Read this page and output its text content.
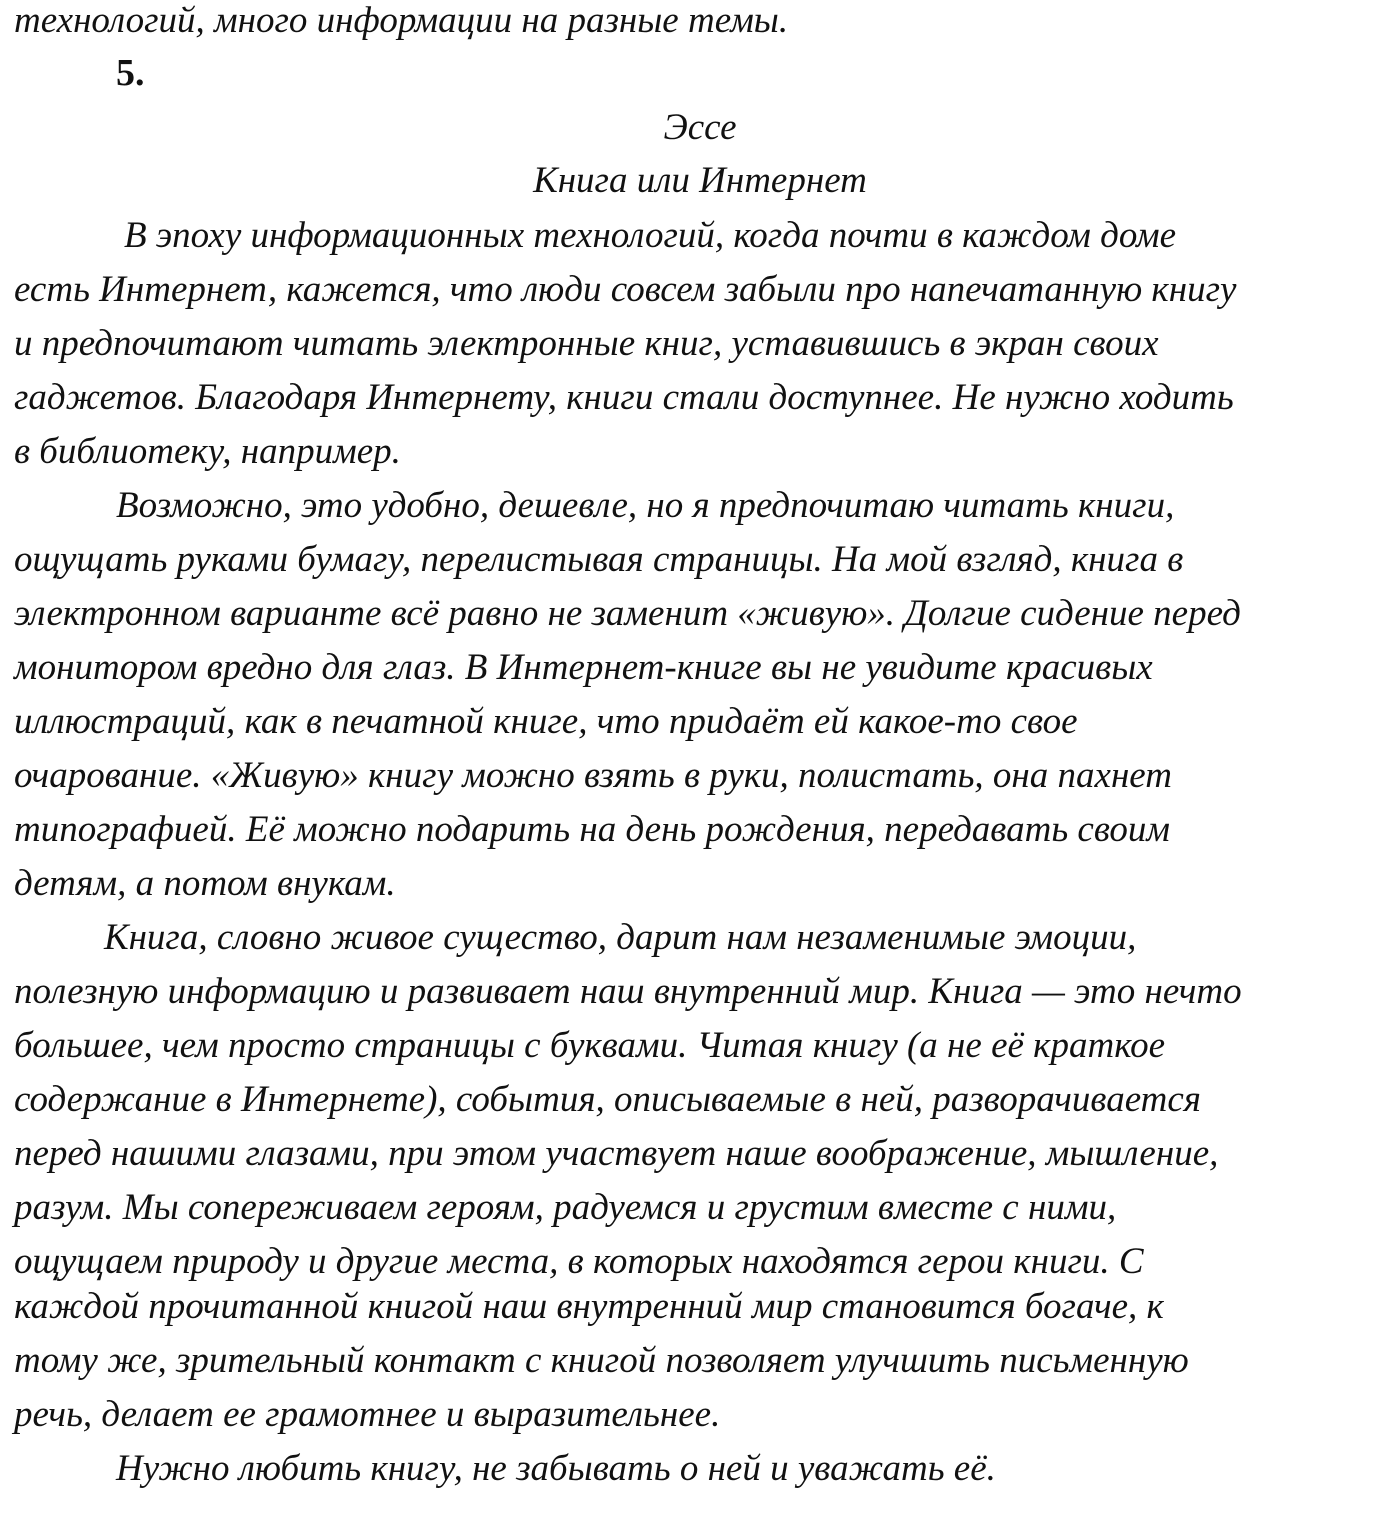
технологий, много информации на разные темы.
5.
Эссе
Книга или Интернет
В эпоху информационных технологий, когда почти в каждом доме
есть Интернет, кажется, что люди совсем забыли про напечатанную книгу
и предпочитают читать электронные книг, уставившись в экран своих
гаджетов. Благодаря Интернету, книги стали доступнее. Не нужно ходить
в библиотеку, например.
Возможно, это удобно, дешевле, но я предпочитаю читать книги,
ощущать руками бумагу, перелистывая страницы. На мой взгляд, книга в
электронном варианте всё равно не заменит «живую». Долгие сидение перед
монитором вредно для глаз. В Интернет-книге вы не увидите красивых
иллюстраций, как в печатной книге, что придаёт ей какое-то свое
очарование. «Живую» книгу можно взять в руки, полистать, она пахнет
типографией. Её можно подарить на день рождения, передавать своим
детям, а потом внукам.
Книга, словно живое существо, дарит нам незаменимые эмоции,
полезную информацию и развивает наш внутренний мир. Книга — это нечто
большее, чем просто страницы с буквами. Читая книгу (а не её краткое
содержание в Интернете), события, описываемые в ней, разворачивается
перед нашими глазами, при этом участвует наше воображение, мышление,
разум. Мы сопереживаем героям, радуемся и грустим вместе с ними,
ощущаем природу и другие места, в которых находятся герои книги. С
каждой прочитанной книгой наш внутренний мир становится богаче, к
тому же, зрительный контакт с книгой позволяет улучшить письменную
речь, делает ее грамотнее и выразительнее.
Нужно любить книгу, не забывать о ней и уважать её.
